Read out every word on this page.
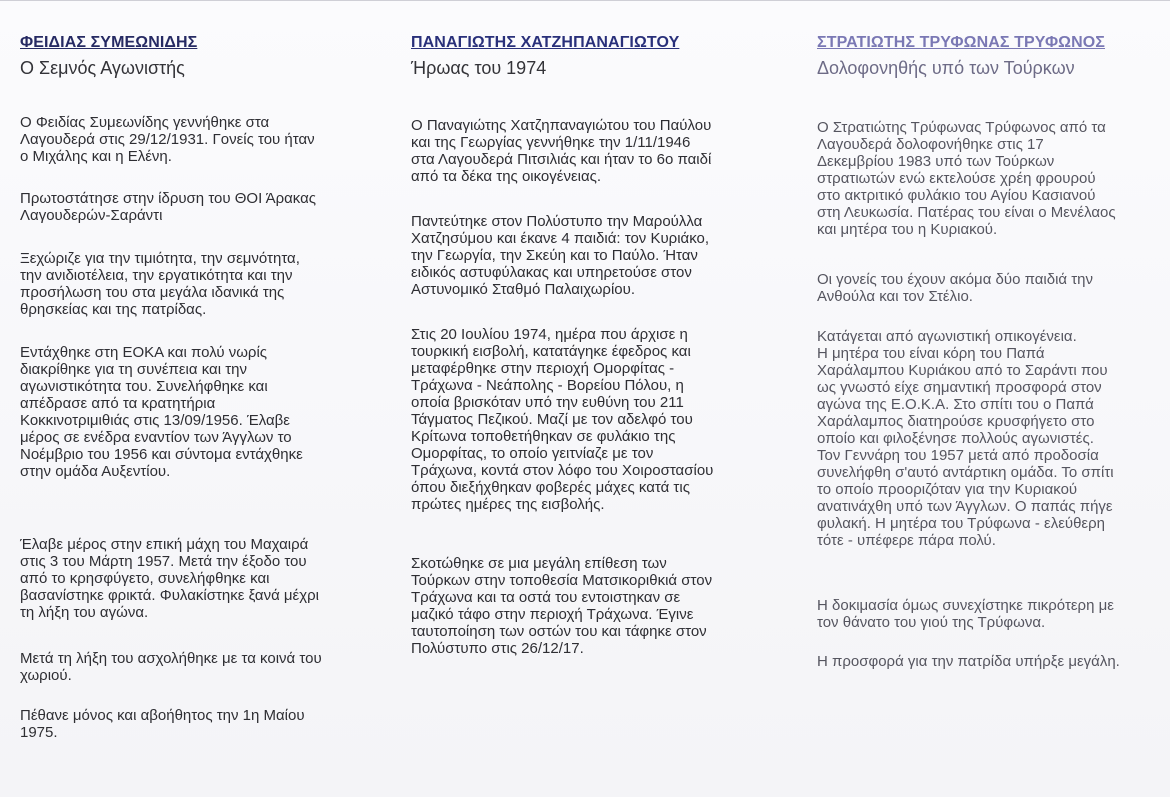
ΦΕΙΔΙΑΣ ΣΥΜΕΩΝΙΔΗΣ
Ο Σεμνός Αγωνιστής

Ο Φειδίας Συμεωνίδης γεννήθηκε στα
Λαγουδερά στις 29/12/1931. Γονείς του ήταν
ο Μιχάλης και η Ελένη.

Πρωτοστάτησε στην ίδρυση του ΘΟΙ Άρακας
Λαγουδερών-Σαράντι

Ξεχώριζε για την τιμιότητα, την σεμνότητα,
την ανιδιοτέλεια, την εργατικότητα και την
προσήλωση του στα μεγάλα ιδανικά της
θρησκείας και της πατρίδας.

Εντάχθηκε στη ΕΟΚΑ και πολύ νωρίς
διακρίθηκε για τη συνέπεια και την
αγωνιστικότητα του. Συνελήφθηκε και
απέδρασε από τα κρατητήρια
Κοκκινοτριμιθιάς στις 13/09/1956. Έλαβε
μέρος σε ενέδρα εναντίον των Άγγλων το
Νοέμβριο του 1956 και σύντομα εντάχθηκε
στην ομάδα Αυξεντίου.

Έλαβε μέρος στην επική μάχη του Μαχαιρά
στις 3 του Μάρτη 1957. Μετά την έξοδο του
από το κρησφύγετο, συνελήφθηκε και
βασανίστηκε φρικτά. Φυλακίστηκε ξανά μέχρι
τη λήξη του αγώνα.

Μετά τη λήξη του ασχολήθηκε με τα κοινά του
χωριού.

Πέθανε μόνος και αβοήθητος την 1η Μαίου
1975.

ΠΑΝΑΓΙΩΤΗΣ ΧΑΤΖΗΠΑΝΑΓΙΩΤΟΥ
Ήρωας του 1974

Ο Παναγιώτης Χατζηπαναγιώτου του Παύλου
και της Γεωργίας γεννήθηκε την 1/11/1946
στα Λαγουδερά Πιτσιλιάς και ήταν το 6ο παιδί
από τα δέκα της οικογένειας.

Παντεύτηκε στον Πολύστυπο την Μαρούλλα
Χατζησύμου και έκανε 4 παιδιά: τον Κυριάκο,
την Γεωργία, την Σκεύη και το Παύλο. Ήταν
ειδικός αστυφύλακας και υπηρετούσε στον
Αστυνομικό Σταθμό Παλαιχωρίου.

Στις 20 Ιουλίου 1974, ημέρα που άρχισε η
τουρκική εισβολή, κατατάγηκε έφεδρος και
μεταφέρθηκε στην περιοχή Ομορφίτας -
Τράχωνα - Νεάπολης - Βορείου Πόλου, η
οποία βρισκόταν υπό την ευθύνη του 211
Τάγματος Πεζικού. Μαζί με τον αδελφό του
Κρίτωνα τοποθετήθηκαν σε φυλάκιο της
Ομορφίτας, το οποίο γειτνίαζε με τον
Τράχωνα, κοντά στον λόφο του Χοιροστασίου
όπου διεξήχθηκαν φοβερές μάχες κατά τις
πρώτες ημέρες της εισβολής.

Σκοτώθηκε σε μια μεγάλη επίθεση των
Τούρκων στην τοποθεσία Ματσικοριθκιά στον
Τράχωνα και τα οστά του εντοιστηκαν σε
μαζικό τάφο στην περιοχή Τράχωνα. Έγινε
ταυτοποίηση των οστών του και τάφηκε στον
Πολύστυπο στις 26/12/17.

ΣΤΡΑΤΙΩΤΗΣ ΤΡΥΦΩΝΑΣ ΤΡΥΦΩΝΟΣ
Δολοφονηθής υπό των Τούρκων

Ο Στρατιώτης Τρύφωνας Τρύφωνος από τα
Λαγουδερά δολοφονήθηκε στις 17
Δεκεμβρίου 1983 υπό των Τούρκων
στρατιωτών ενώ εκτελούσε χρέη φρουρού
στο ακτριτικό φυλάκιο του Αγίου Κασιανού
στη Λευκωσία. Πατέρας του είναι ο Μενέλαος
και μητέρα του η Κυριακού.

Οι γονείς του έχουν ακόμα δύο παιδιά την
Ανθούλα και τον Στέλιο.

Κατάγεται από αγωνιστική οπικογένεια.
Η μητέρα του είναι κόρη του Παπά
Χαράλαμπου Κυριάκου από το Σαράντι που
ως γνωστό είχε σημαντική προσφορά στον
αγώνα της Ε.Ο.Κ.Α. Στο σπίτι του ο Παπά
Χαράλαμπος διατηρούσε κρυσφήγετο στο
οποίο και φιλοξένησε πολλούς αγωνιστές.
Τον Γεννάρη του 1957 μετά από προδοσία
συνελήφθη σ'αυτό αντάρτικη ομάδα. Το σπίτι
το οποίο προοριζόταν για την Κυριακού
ανατινάχθη υπό των Άγγλων. Ο παπάς πήγε
φυλακή. Η μητέρα του Τρύφωνα - ελεύθερη
τότε - υπέφερε πάρα πολύ.

Η δοκιμασία όμως συνεχίστηκε πικρότερη με
τον θάνατο του γιού της Τρύφωνα.

Η προσφορά για την πατρίδα υπήρξε μεγάλη.
